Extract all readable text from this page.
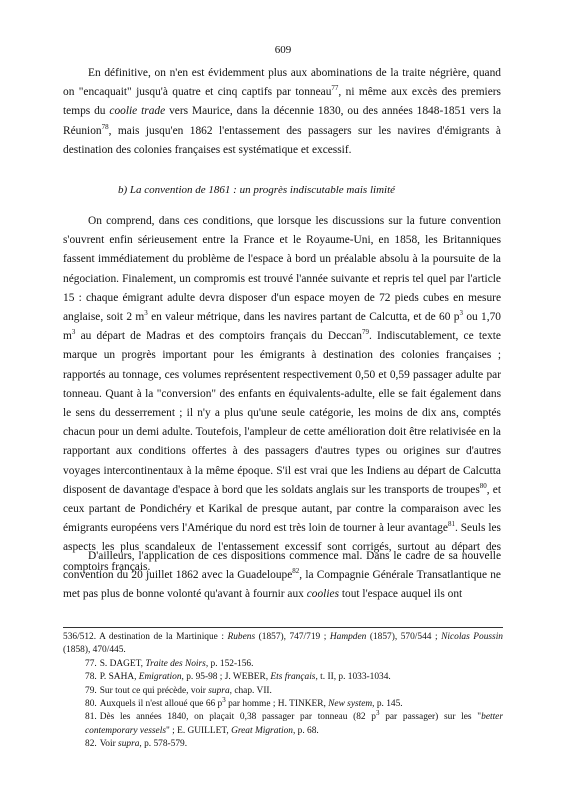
609
En définitive, on n'en est évidemment plus aux abominations de la traite négrière, quand on "encaquait" jusqu'à quatre et cinq captifs par tonneau$^{77}$, ni même aux excès des premiers temps du coolie trade vers Maurice, dans la décennie 1830, ou des années 1848-1851 vers la Réunion$^{78}$, mais jusqu'en 1862 l'entassement des passagers sur les navires d'émigrants à destination des colonies françaises est systématique et excessif.
b) La convention de 1861 : un progrès indiscutable mais limité
On comprend, dans ces conditions, que lorsque les discussions sur la future convention s'ouvrent enfin sérieusement entre la France et le Royaume-Uni, en 1858, les Britanniques fassent immédiatement du problème de l'espace à bord un préalable absolu à la poursuite de la négociation. Finalement, un compromis est trouvé l'année suivante et repris tel quel par l'article 15 : chaque émigrant adulte devra disposer d'un espace moyen de 72 pieds cubes en mesure anglaise, soit 2 $m^3$ en valeur métrique, dans les navires partant de Calcutta, et de 60 $p^3$ ou 1,70 $m^3$ au départ de Madras et des comptoirs français du Deccan$^{79}$. Indiscutablement, ce texte marque un progrès important pour les émigrants à destination des colonies françaises ; rapportés au tonnage, ces volumes représentent respectivement 0,50 et 0,59 passager adulte par tonneau. Quant à la "conversion" des enfants en équivalents-adulte, elle se fait également dans le sens du desserrement ; il n'y a plus qu'une seule catégorie, les moins de dix ans, comptés chacun pour un demi adulte. Toutefois, l'ampleur de cette amélioration doit être relativisée en la rapportant aux conditions offertes à des passagers d'autres types ou origines sur d'autres voyages intercontinentaux à la même époque. S'il est vrai que les Indiens au départ de Calcutta disposent de davantage d'espace à bord que les soldats anglais sur les transports de troupes$^{80}$, et ceux partant de Pondichéry et Karikal de presque autant, par contre la comparaison avec les émigrants européens vers l'Amérique du nord est très loin de tourner à leur avantage$^{81}$. Seuls les aspects les plus scandaleux de l'entassement excessif sont corrigés, surtout au départ des comptoirs français.
D'ailleurs, l'application de ces dispositions commence mal. Dans le cadre de sa nouvelle convention du 20 juillet 1862 avec la Guadeloupe$^{82}$, la Compagnie Générale Transatlantique ne met pas plus de bonne volonté qu'avant à fournir aux coolies tout l'espace auquel ils ont

536/512. A destination de la Martinique : Rubens (1857), 747/719 ; Hampden (1857), 570/544 ; Nicolas Poussin (1858), 470/445.

77. S. DAGET, Traite des Noirs, p. 152-156.

78. P. SAHA, Emigration, p. 95-98 ; J. WEBER, Ets français, t. II, p. 1033-1034.

79. Sur tout ce qui précède, voir supra, chap. VII.

80. Auxquels il n'est alloué que 66 $p^3$ par homme ; H. TINKER, New system, p. 145.

81. Dès les années 1840, on plaçait 0,38 passager par tonneau (82 $p^3$ par passager) sur les "better contemporary vessels" ; E. GUILLET, Great Migration, p. 68.

82. Voir supra, p. 578-579.
